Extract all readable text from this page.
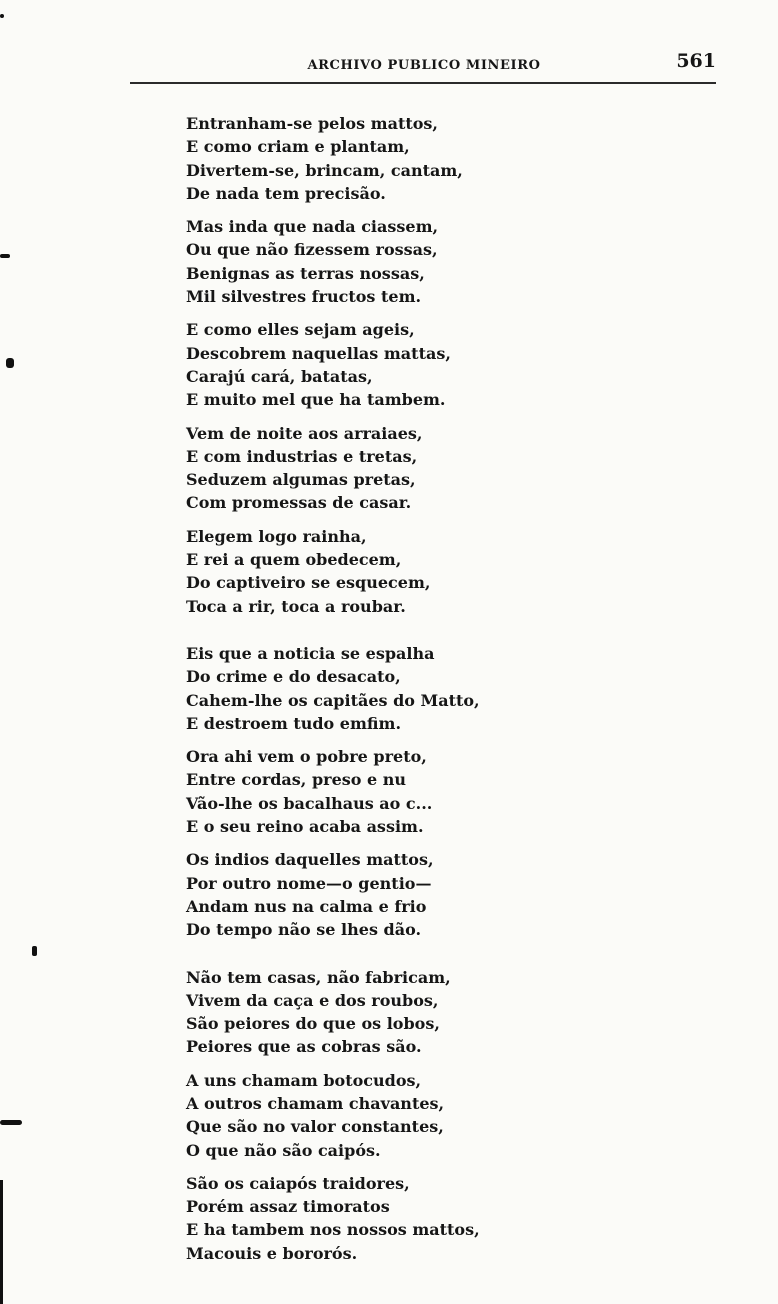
ARCHIVO PUBLICO MINEIRO	561
Entranham-se pelos mattos,
E como criam e plantam,
Divertem-se, brincam, cantam,
De nada tem precisão.
Mas inda que nada ciassem,
Ou que não fizessem rossas,
Benignas as terras nossas,
Mil silvestres fructos tem.
E como elles sejam ageis,
Descobrem naquellas mattas,
Carajú cará, batatas,
E muito mel que ha tambem.
Vem de noite aos arraiaes,
E com industrias e tretas,
Seduzem algumas pretas,
Com promessas de casar.
Elegem logo rainha,
E rei a quem obedecem,
Do captiveiro se esquecem,
Toca a rir, toca a roubar.
Eis que a noticia se espalha
Do crime e do desacato,
Cahem-lhe os capitães do Matto,
E destroem tudo emfim.
Ora ahi vem o pobre preto,
Entre cordas, preso e nu
Vão-lhe os bacalhaus ao c...
E o seu reino acaba assim.
Os indios daquelles mattos,
Por outro nome—o gentio—
Andam nus na calma e frio
Do tempo não se lhes dão.
Não tem casas, não fabricam,
Vivem da caça e dos roubos,
São peiores do que os lobos,
Peiores que as cobras são.
A uns chamam botocudos,
A outros chamam chavantes,
Que são no valor constantes,
O que não são caipós.
São os caiapós traidores,
Porém assaz timoratos
E ha tambem nos nossos mattos,
Macouis e bororós.
